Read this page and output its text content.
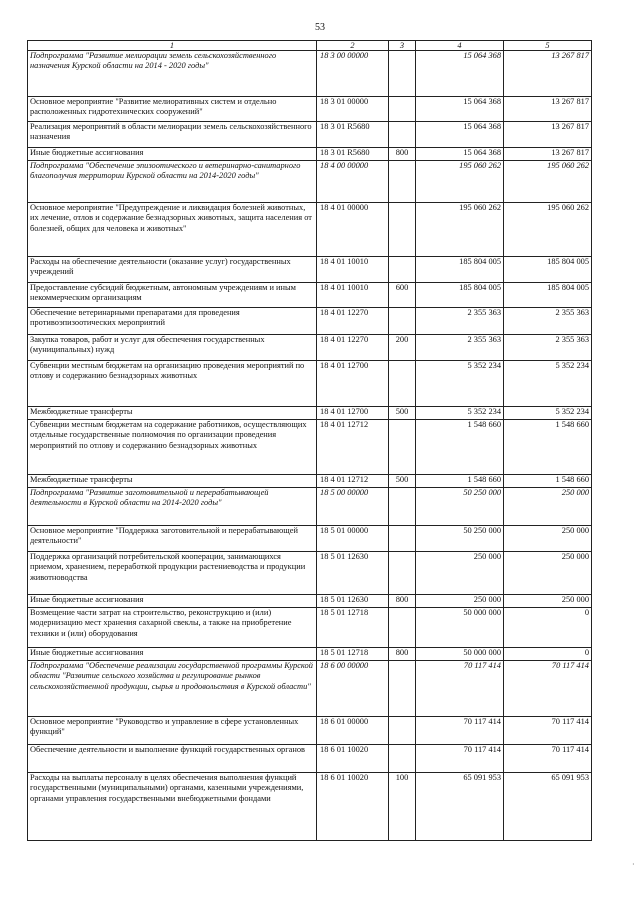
53
1	2	3	4	5
Подпрограмма "Развитие мелиорации земель сельскохозяйственного назначения Курской области на 2014 - 2020 годы"	18 3 00 00000		15 064 368	13 267 817
Основное мероприятие "Развитие мелиоративных систем и отдельно расположенных гидротехнических сооружений"	18 3 01 00000		15 064 368	13 267 817
Реализация мероприятий в области мелиорации земель сельскохозяйственного назначения	18 3 01 R5680		15 064 368	13 267 817
Иные бюджетные ассигнования	18 3 01 R5680	800	15 064 368	13 267 817
Подпрограмма "Обеспечение эпизоотического и ветеринарно-санитарного благополучия территории Курской области на 2014-2020 годы"	18 4 00 00000		195 060 262	195 060 262
Основное мероприятие "Предупреждение и ликвидация болезней животных, их лечение, отлов и содержание безнадзорных животных, защита населения от болезней, общих для человека и животных"	18 4 01 00000		195 060 262	195 060 262
Расходы на обеспечение деятельности (оказание услуг) государственных учреждений	18 4 01 10010		185 804 005	185 804 005
Предоставление субсидий бюджетным, автономным учреждениям и иным некоммерческим организациям	18 4 01 10010	600	185 804 005	185 804 005
Обеспечение ветеринарными препаратами для проведения противоэпизоотических мероприятий	18 4 01 12270		2 355 363	2 355 363
Закупка товаров, работ и услуг для обеспечения государственных (муниципальных) нужд	18 4 01 12270	200	2 355 363	2 355 363
Субвенции местным бюджетам на организацию проведения мероприятий по отлову и содержанию безнадзорных животных	18 4 01 12700		5 352 234	5 352 234
Межбюджетные трансферты	18 4 01 12700	500	5 352 234	5 352 234
Субвенции местным бюджетам на содержание работников, осуществляющих отдельные государственные полномочия по организации проведения мероприятий по отлову и содержанию безнадзорных животных	18 4 01 12712		1 548 660	1 548 660
Межбюджетные трансферты	18 4 01 12712	500	1 548 660	1 548 660
Подпрограмма "Развитие заготовительной и перерабатывающей деятельности в Курской области на 2014-2020 годы"	18 5 00 00000		50 250 000	250 000
Основное мероприятие "Поддержка заготовительной и перерабатывающей деятельности"	18 5 01 00000		50 250 000	250 000
Поддержка организаций потребительской кооперации, занимающихся приемом, хранением, переработкой продукции растениеводства и продукции животноводства	18 5 01 12630		250 000	250 000
Иные бюджетные ассигнования	18 5 01 12630	800	250 000	250 000
Возмещение части затрат на строительство, реконструкцию и (или) модернизацию мест хранения сахарной свеклы, а также на приобретение техники и (или) оборудования	18 5 01 12718		50 000 000	0
Иные бюджетные ассигнования	18 5 01 12718	800	50 000 000	0
Подпрограмма "Обеспечение реализации государственной программы Курской области "Развитие сельского хозяйства и регулирование рынков сельскохозяйственной продукции, сырья и продовольствия в Курской области"	18 6 00 00000		70 117 414	70 117 414
Основное мероприятие "Руководство и управление в сфере установленных функций"	18 6 01 00000		70 117 414	70 117 414
Обеспечение деятельности и выполнение функций государственных органов	18 6 01 10020		70 117 414	70 117 414
Расходы на выплаты персоналу в целях обеспечения выполнения функций государственными (муниципальными) органами, казенными учреждениями, органами управления государственными внебюджетными фондами	18 6 01 10020	100	65 091 953	65 091 953
·
